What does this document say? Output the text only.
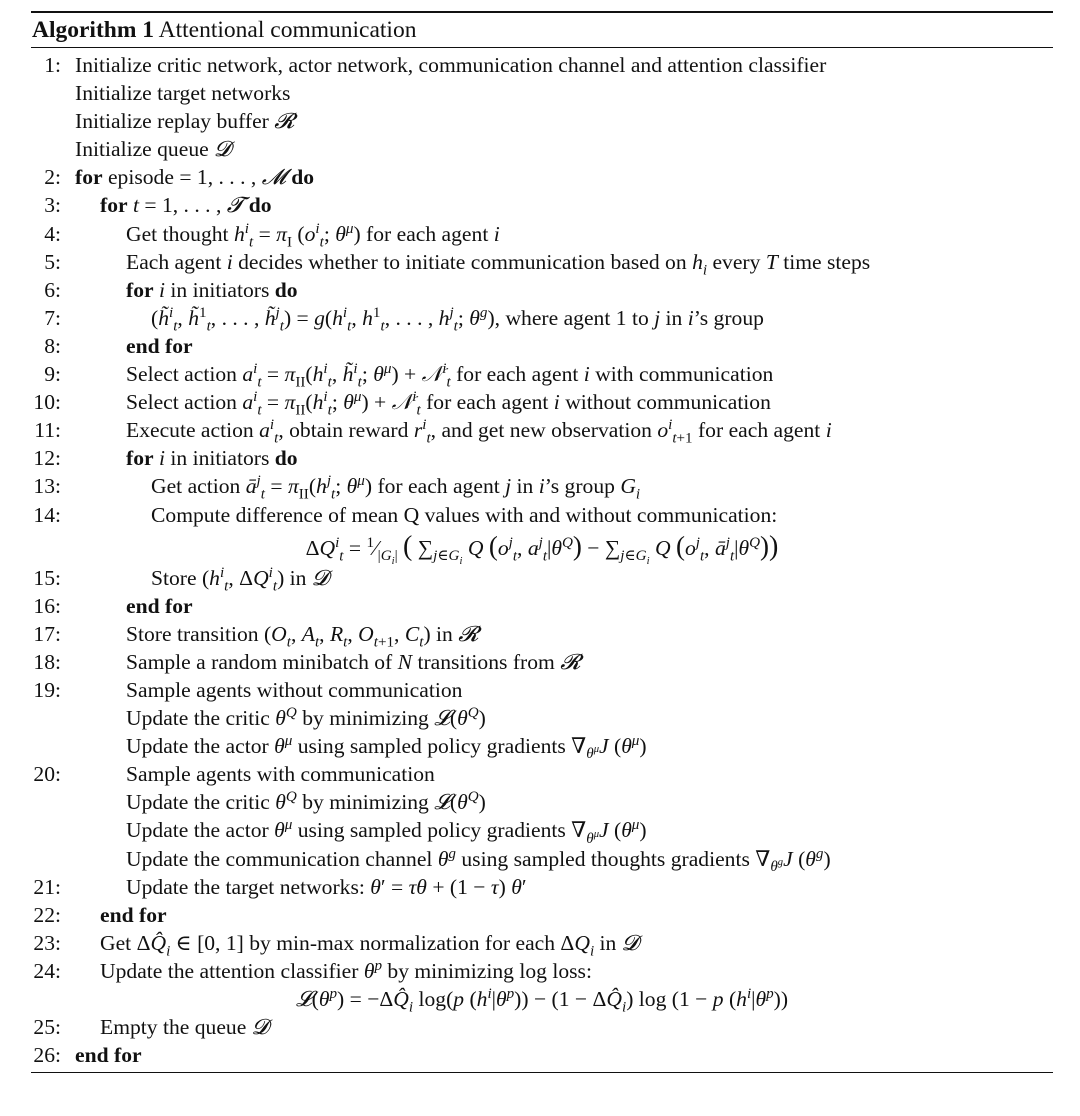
Algorithm 1 Attentional communication
1: Initialize critic network, actor network, communication channel and attention classifier
Initialize target networks
Initialize replay buffer 𝓡
Initialize queue 𝓓
2: for episode = 1, . . . , 𝓜 do
3: for t = 1, . . . , 𝓣 do
4:	Get thought $h^i_t = \pi_I$ ($o^i_t$; $\theta^\mu$) for each agent i
5:	Each agent i decides whether to initiate communication based on $h_i$ every T time steps
6:	for i in initiators do
7:	(h̃$^i_t$, h̃$^1_t$, . . . , h̃$^j_t$) = $g(h^i_t$, $h^1_t$, . . . , $h^j_t$; $\theta^g$), where agent 1 to j in i’s group
8:	end for
9:	Select action $a^i_t = \pi_{II}(h^i_t$, h̃$^i_t$; $\theta^\mu$) + 𝒩$^i_t$ for each agent i with communication
10:	Select action $a^i_t = \pi_{II}(h^i_t$; $\theta^\mu$) + 𝒩$^i_t$ for each agent i without communication
11:	Execute action $a^i_t$, obtain reward $r^i_t$, and get new observation $o^i_{t+1}$ for each agent i
12:	for i in initiators do
13:	Get action $ā^j_t = \pi_{II}(h^j_t$; $\theta^\mu$) for each agent j in i’s group $G_i$
14:	Compute difference of mean Q values with and without communication:
$\Delta Q^i_t$ = $^1⁄_{|G_i|}$ ( $\sum_{j\in G_i}$ Q ($o^j_t$, $a^j_t|\theta^Q) - \sum_{j\in G_i}$ Q ($o^j_t$, $ā^j_t|\theta^Q$))
15:	Store ($h^i_t$, $\Delta Q^i_t$) in 𝓓
16:	end for
17:	Store transition ($O_t$, $A_t$, $R_t$, $O_{t+1}$, $C_t$) in 𝓡
18:	Sample a random minibatch of N transitions from 𝓡
19:	Sample agents without communication
Update the critic $\theta^Q$ by minimizing $𝓛(\theta^Q)$
Update the actor $\theta^\mu$ using sampled policy gradients $\nabla_{\theta^\mu}J$ $(\theta^\mu)$
20:	Sample agents with communication
Update the critic $\theta^Q$ by minimizing $𝓛(\theta^Q)$
Update the actor $\theta^\mu$ using sampled policy gradients $\nabla_{\theta^\mu}J$ $(\theta^\mu)$
Update the communication channel $\theta^g$ using sampled thoughts gradients $\nabla_{\theta^g}J$ $(\theta^g)$
21:	Update the target networks: θ′ = τθ + (1 − τ) θ′
22: end for
23: Get $\Delta Q̂_i$ ∈ [0, 1] by min-max normalization for each $\Delta Q_i$ in 𝓓
24: Update the attention classifier $\theta^p$ by minimizing log loss:
$𝓛(\theta^p)$ = $-\Delta Q̂_i$ log(p $(h^i|\theta^p)) - (1$ − $\Delta Q̂_i$) log (1 − p $(h^i|\theta^p)$)
25: Empty the queue 𝓓
26: end for
